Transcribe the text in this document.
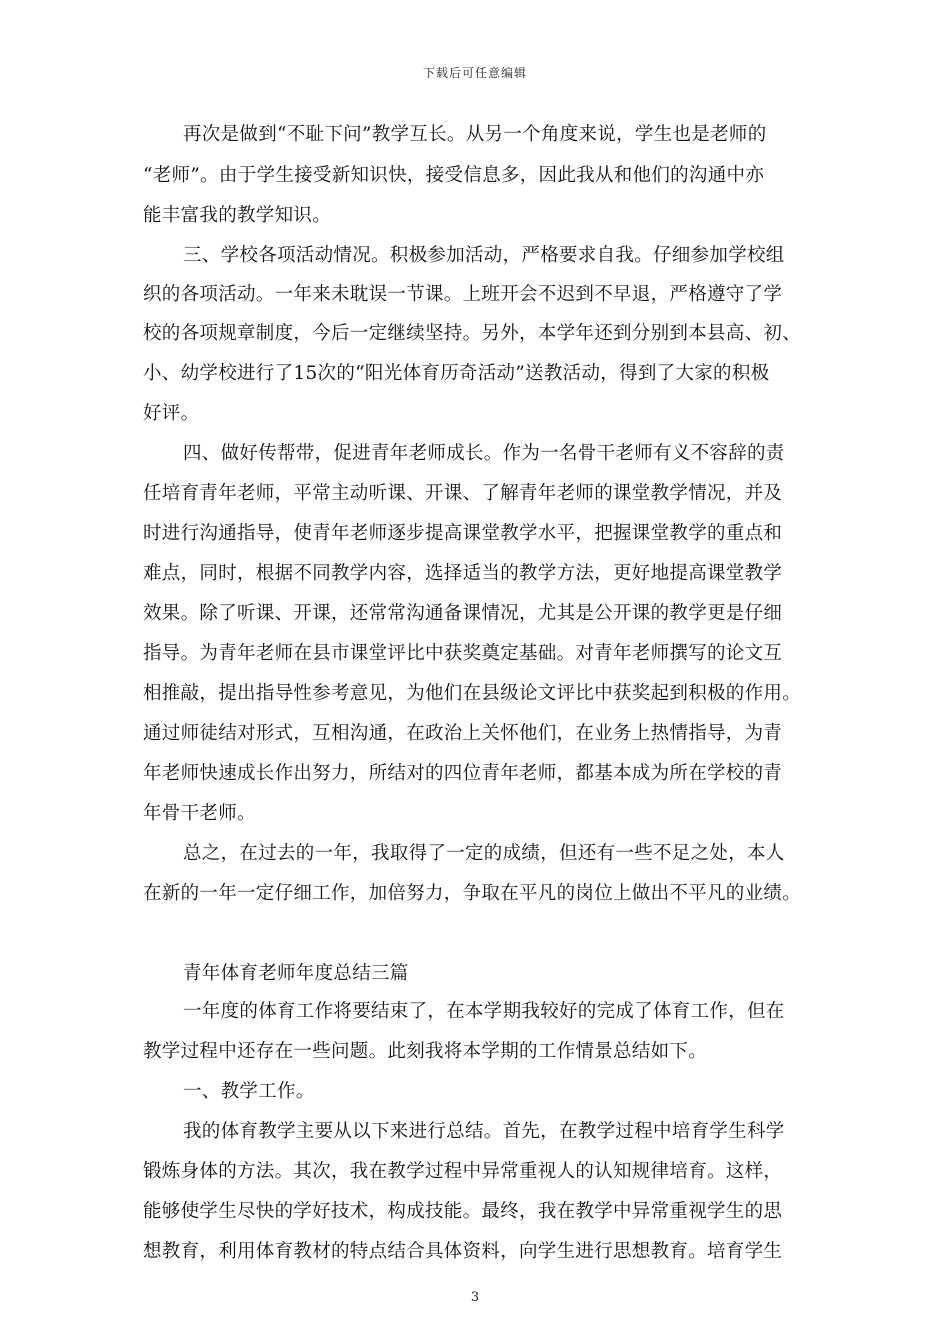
下载后可任意编辑
再次是做到“不耻下问”教学互长。从另一个角度来说，学生也是老师的
“老师”。由于学生接受新知识快，接受信息多，因此我从和他们的沟通中亦
能丰富我的教学知识。
三、学校各项活动情况。积极参加活动，严格要求自我。仔细参加学校组
织的各项活动。一年来未耽误一节课。上班开会不迟到不早退，严格遵守了学
校的各项规章制度，今后一定继续坚持。另外，本学年还到分别到本县高、初、
小、幼学校进行了15次的“阳光体育历奇活动”送教活动，得到了大家的积极
好评。
四、做好传帮带，促进青年老师成长。作为一名骨干老师有义不容辞的责
任培育青年老师，平常主动听课、开课、了解青年老师的课堂教学情况，并及
时进行沟通指导，使青年老师逐步提高课堂教学水平，把握课堂教学的重点和
难点，同时，根据不同教学内容，选择适当的教学方法，更好地提高课堂教学
效果。除了听课、开课，还常常沟通备课情况，尤其是公开课的教学更是仔细
指导。为青年老师在县市课堂评比中获奖奠定基础。对青年老师撰写的论文互
相推敲，提出指导性参考意见，为他们在县级论文评比中获奖起到积极的作用。
通过师徒结对形式，互相沟通，在政治上关怀他们，在业务上热情指导，为青
年老师快速成长作出努力，所结对的四位青年老师，都基本成为所在学校的青
年骨干老师。
总之，在过去的一年，我取得了一定的成绩，但还有一些不足之处，本人
在新的一年一定仔细工作，加倍努力，争取在平凡的岗位上做出不平凡的业绩。
青年体育老师年度总结三篇
一年度的体育工作将要结束了，在本学期我较好的完成了体育工作，但在
教学过程中还存在一些问题。此刻我将本学期的工作情景总结如下。
一、教学工作。
我的体育教学主要从以下来进行总结。首先，在教学过程中培育学生科学
锻炼身体的方法。其次，我在教学过程中异常重视人的认知规律培育。这样，
能够使学生尽快的学好技术，构成技能。最终，我在教学中异常重视学生的思
想教育，利用体育教材的特点结合具体资料，向学生进行思想教育。培育学生
3
